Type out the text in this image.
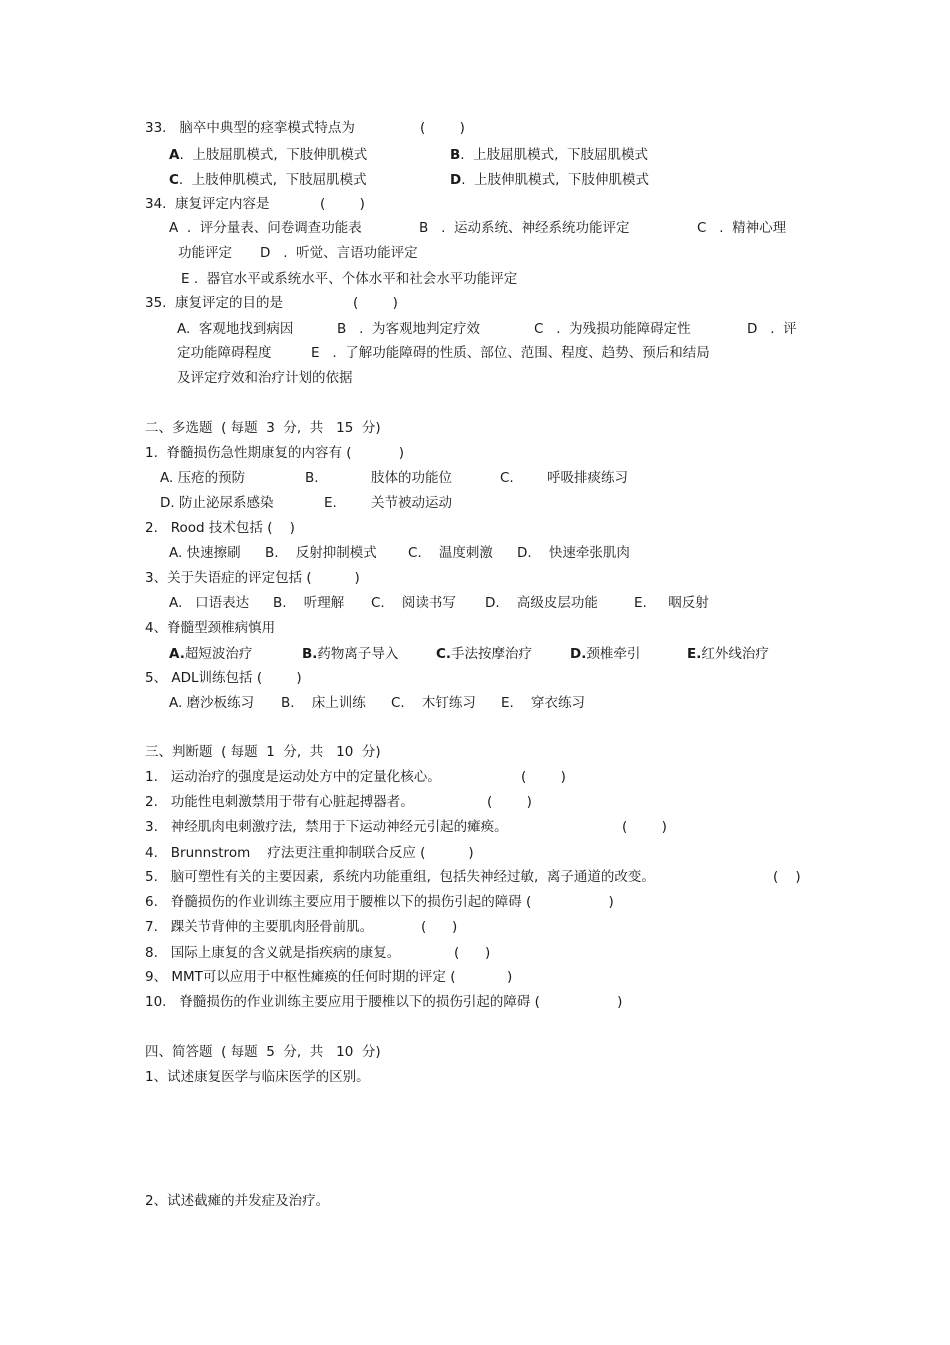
33.   脑卒中典型的痉挛模式特点为	(        )
A.  上肢屈肌模式,  下肢伸肌模式	B.  上肢屈肌模式,  下肢屈肌模式
C.  上肢伸肌模式,  下肢屈肌模式	D.  上肢伸肌模式,  下肢伸肌模式
34.  康复评定内容是	(        )
A  .  评分量表、问卷调查功能表	B   .  运动系统、神经系统功能评定	C   .  精神心理
功能评定 D   .  听觉、言语功能评定
E .  器官水平或系统水平、个体水平和社会水平功能评定
35.  康复评定的目的是	(        )
A.  客观地找到病因	B   .  为客观地判定疗效	C   .  为残损功能障碍定性	D   .  评
定功能障碍程度	E   .  了解功能障碍的性质、部位、范围、程度、趋势、预后和结局
及评定疗效和治疗计划的依据
二、多选题  ( 每题  3  分,  共   15  分)
1.  脊髓损伤急性期康复的内容有 (           )
A. 压疮的预防	B.	肢体的功能位	C. 呼吸排痰练习
D. 防止泌尿系感染	E.	关节被动运动
2.   Rood 技术包括 (    )
A. 快速擦刷 B.    反射抑制模式 C.    温度刺激 D.    快速牵张肌肉
3、关于失语症的评定包括 (          )
A.   口语表达 B.    听理解 C.    阅读书写 D.    高级皮层功能	E.     咽反射
4、脊髓型颈椎病慎用
A.超短波治疗	B.药物离子导入	C.手法按摩治疗	D.颈椎牵引	E.红外线治疗
5、 ADL训练包括 (        )
A. 磨沙板练习 B.    床上训练 C.    木钉练习 E.    穿衣练习
三、判断题  ( 每题  1  分,  共   10  分)
1.   运动治疗的强度是运动处方中的定量化核心。	(        )
2.   功能性电刺激禁用于带有心脏起搏器者。	(        )
3.   神经肌肉电刺激疗法,  禁用于下运动神经元引起的瘫痪。	(        )
4.   Brunnstrom    疗法更注重抑制联合反应 (          )
5.   脑可塑性有关的主要因素,  系统内功能重组,  包括失神经过敏,  离子通道的改变。	(    )
6.   脊髓损伤的作业训练主要应用于腰椎以下的损伤引起的障碍 (                  )
7.   踝关节背伸的主要肌肉胫骨前肌。	(      )
8.   国际上康复的含义就是指疾病的康复。	(      )
9、 MMT可以应用于中枢性瘫痪的任何时期的评定 (            )
10.   脊髓损伤的作业训练主要应用于腰椎以下的损伤引起的障碍 (                  )
四、简答题  ( 每题  5  分,  共   10  分)
1、试述康复医学与临床医学的区别。
2、试述截瘫的并发症及治疗。
